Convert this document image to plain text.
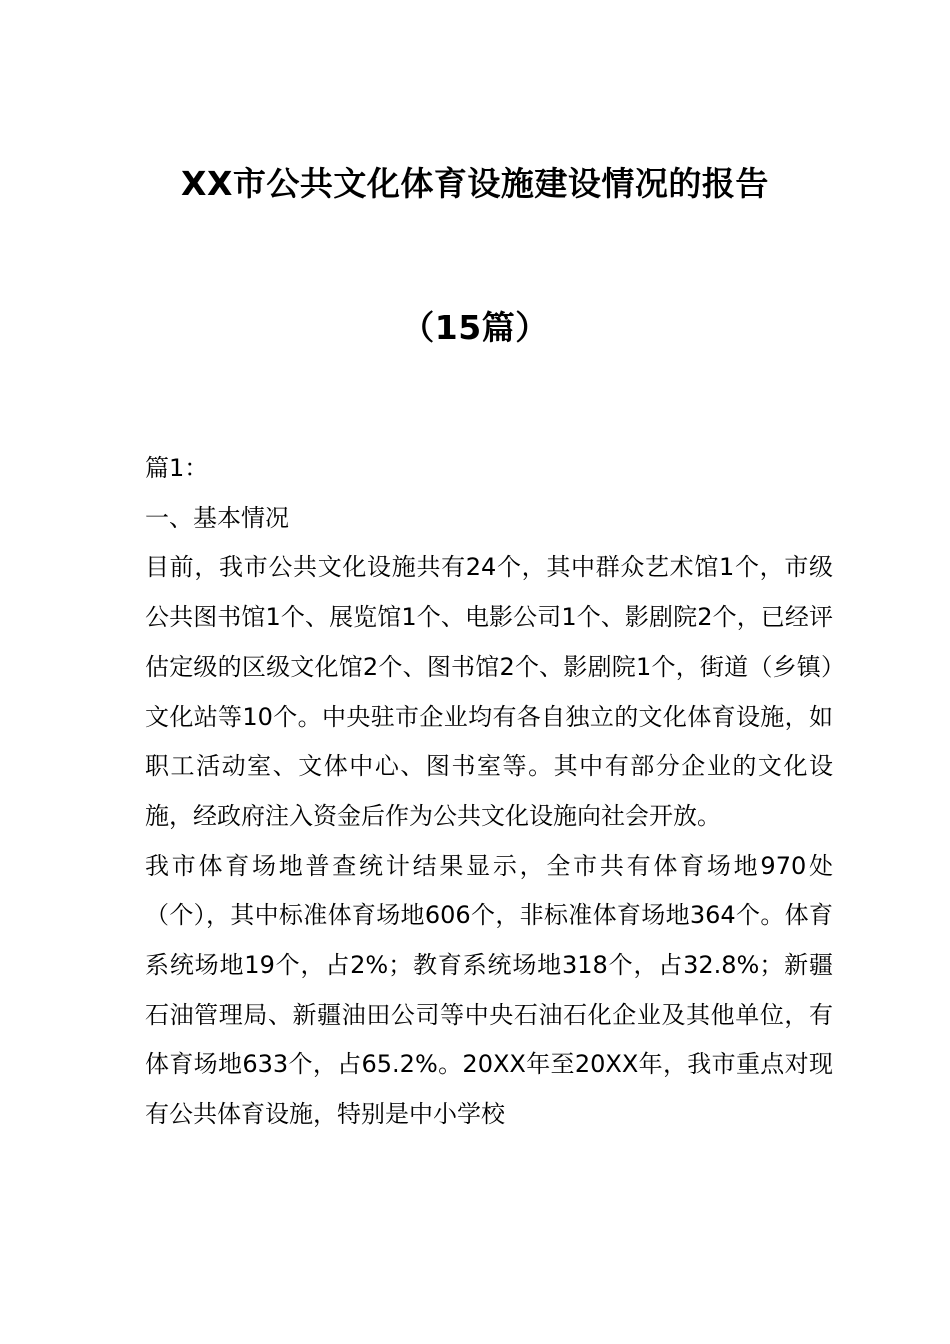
XX市公共文化体育设施建设情况的报告
（15篇）

篇1：

一、基本情况

目前，我市公共文化设施共有24个，其中群众艺术馆1个，市级公共图书馆1个、展览馆1个、电影公司1个、影剧院2个，已经评估定级的区级文化馆2个、图书馆2个、影剧院1个，街道（乡镇）文化站等10个。中央驻市企业均有各自独立的文化体育设施，如职工活动室、文体中心、图书室等。其中有部分企业的文化设施，经政府注入资金后作为公共文化设施向社会开放。

我市体育场地普查统计结果显示，全市共有体育场地970处（个），其中标准体育场地606个，非标准体育场地364个。体育系统场地19个，占2%；教育系统场地318个，占32.8%；新疆石油管理局、新疆油田公司等中央石油石化企业及其他单位，有体育场地633个，占65.2%。20XX年至20XX年，我市重点对现有公共体育设施，特别是中小学校
